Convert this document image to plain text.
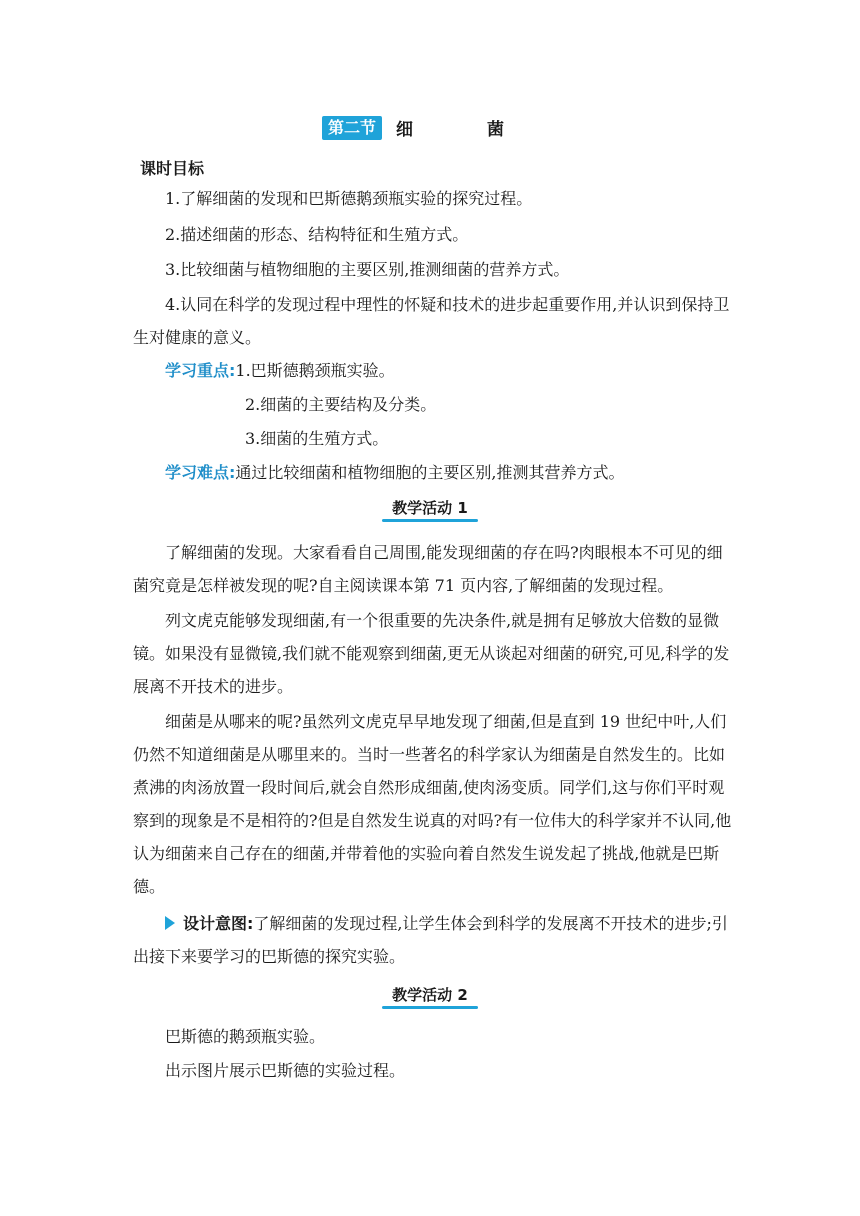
第二节	细 菌
课时目标

1.了解细菌的发现和巴斯德鹅颈瓶实验的探究过程。

2.描述细菌的形态、结构特征和生殖方式。

3.比较细菌与植物细胞的主要区别,推测细菌的营养方式。

4.认同在科学的发现过程中理性的怀疑和技术的进步起重要作用,并认识到保持卫生对健康的意义。

学习重点:1.巴斯德鹅颈瓶实验。

2.细菌的主要结构及分类。

3.细菌的生殖方式。

学习难点:通过比较细菌和植物细胞的主要区别,推测其营养方式。

教学活动 1

了解细菌的发现。大家看看自己周围,能发现细菌的存在吗?肉眼根本不可见的细菌究竟是怎样被发现的呢?自主阅读课本第 71 页内容,了解细菌的发现过程。

列文虎克能够发现细菌,有一个很重要的先决条件,就是拥有足够放大倍数的显微镜。如果没有显微镜,我们就不能观察到细菌,更无从谈起对细菌的研究,可见,科学的发展离不开技术的进步。

细菌是从哪来的呢?虽然列文虎克早早地发现了细菌,但是直到 19 世纪中叶,人们仍然不知道细菌是从哪里来的。当时一些著名的科学家认为细菌是自然发生的。比如煮沸的肉汤放置一段时间后,就会自然形成细菌,使肉汤变质。同学们,这与你们平时观察到的现象是不是相符的?但是自然发生说真的对吗?有一位伟大的科学家并不认同,他认为细菌来自己存在的细菌,并带着他的实验向着自然发生说发起了挑战,他就是巴斯德。

设计意图:了解细菌的发现过程,让学生体会到科学的发展离不开技术的进步;引出接下来要学习的巴斯德的探究实验。

教学活动 2

巴斯德的鹅颈瓶实验。

出示图片展示巴斯德的实验过程。
